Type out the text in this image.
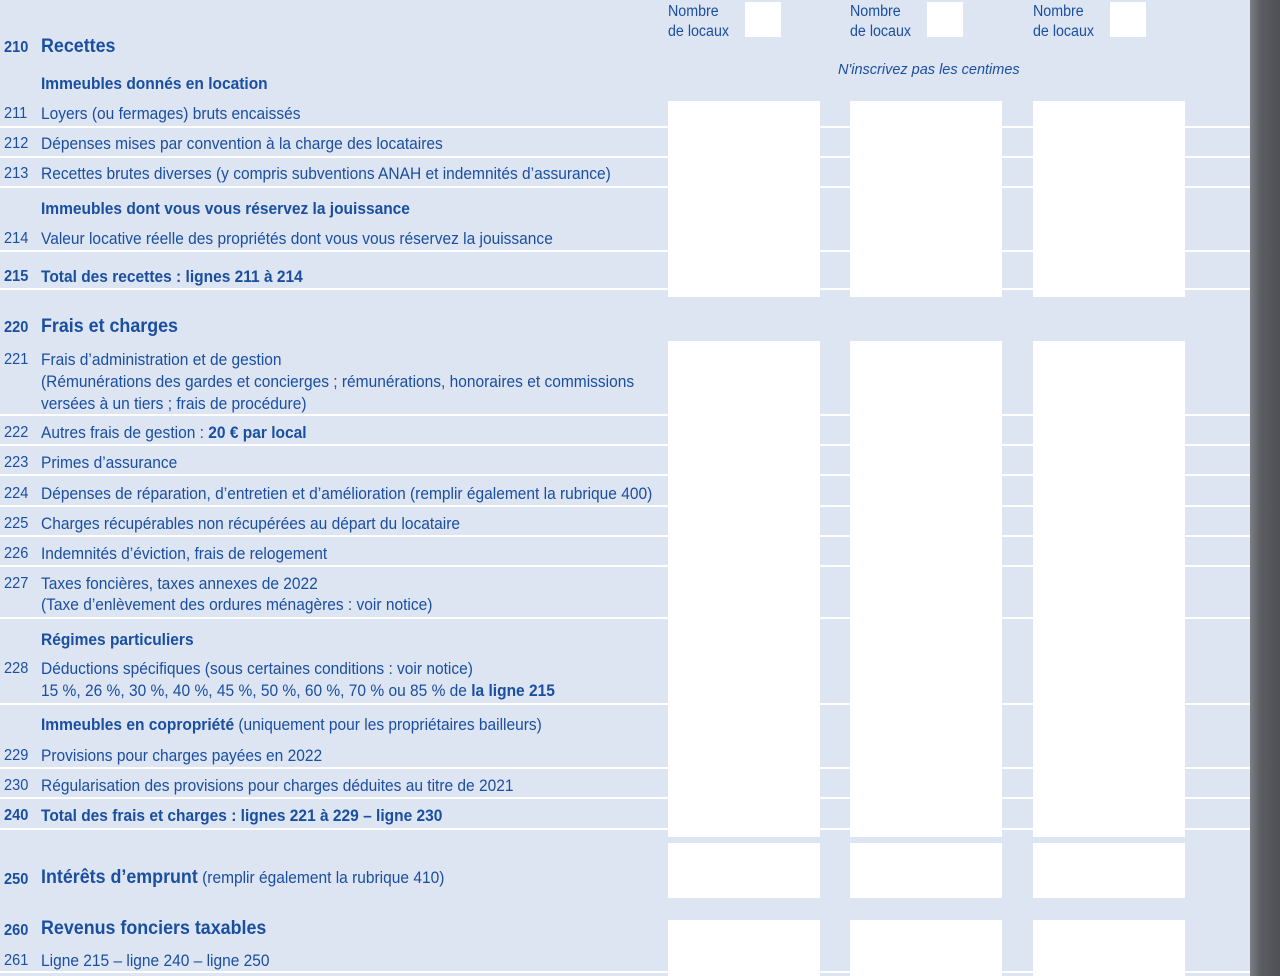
Nombre
de locaux
Nombre
de locaux
Nombre
de locaux
N'inscrivez pas les centimes
210 Recettes
Immeubles donnés en location
211 Loyers (ou fermages) bruts encaissés
212 Dépenses mises par convention à la charge des locataires
213 Recettes brutes diverses (y compris subventions ANAH et indemnités d’assurance)
Immeubles dont vous vous réservez la jouissance
214 Valeur locative réelle des propriétés dont vous vous réservez la jouissance
215 Total des recettes : lignes 211 à 214
220 Frais et charges
221 Frais d’administration et de gestion
(Rémunérations des gardes et concierges ; rémunérations, honoraires et commissions
versées à un tiers ; frais de procédure)
222 Autres frais de gestion : 20 € par local
223 Primes d’assurance
224 Dépenses de réparation, d’entretien et d’amélioration (remplir également la rubrique 400)
225 Charges récupérables non récupérées au départ du locataire
226 Indemnités d’éviction, frais de relogement
227 Taxes foncières, taxes annexes de 2022
(Taxe d’enlèvement des ordures ménagères : voir notice)
Régimes particuliers
228 Déductions spécifiques (sous certaines conditions : voir notice)
15 %, 26 %, 30 %, 40 %, 45 %, 50 %, 60 %, 70 % ou 85 % de la ligne 215
Immeubles en copropriété (uniquement pour les propriétaires bailleurs)
229 Provisions pour charges payées en 2022
230 Régularisation des provisions pour charges déduites au titre de 2021
240 Total des frais et charges : lignes 221 à 229 – ligne 230
250 Intérêts d’emprunt (remplir également la rubrique 410)
260 Revenus fonciers taxables
261 Ligne 215 – ligne 240 – ligne 250
